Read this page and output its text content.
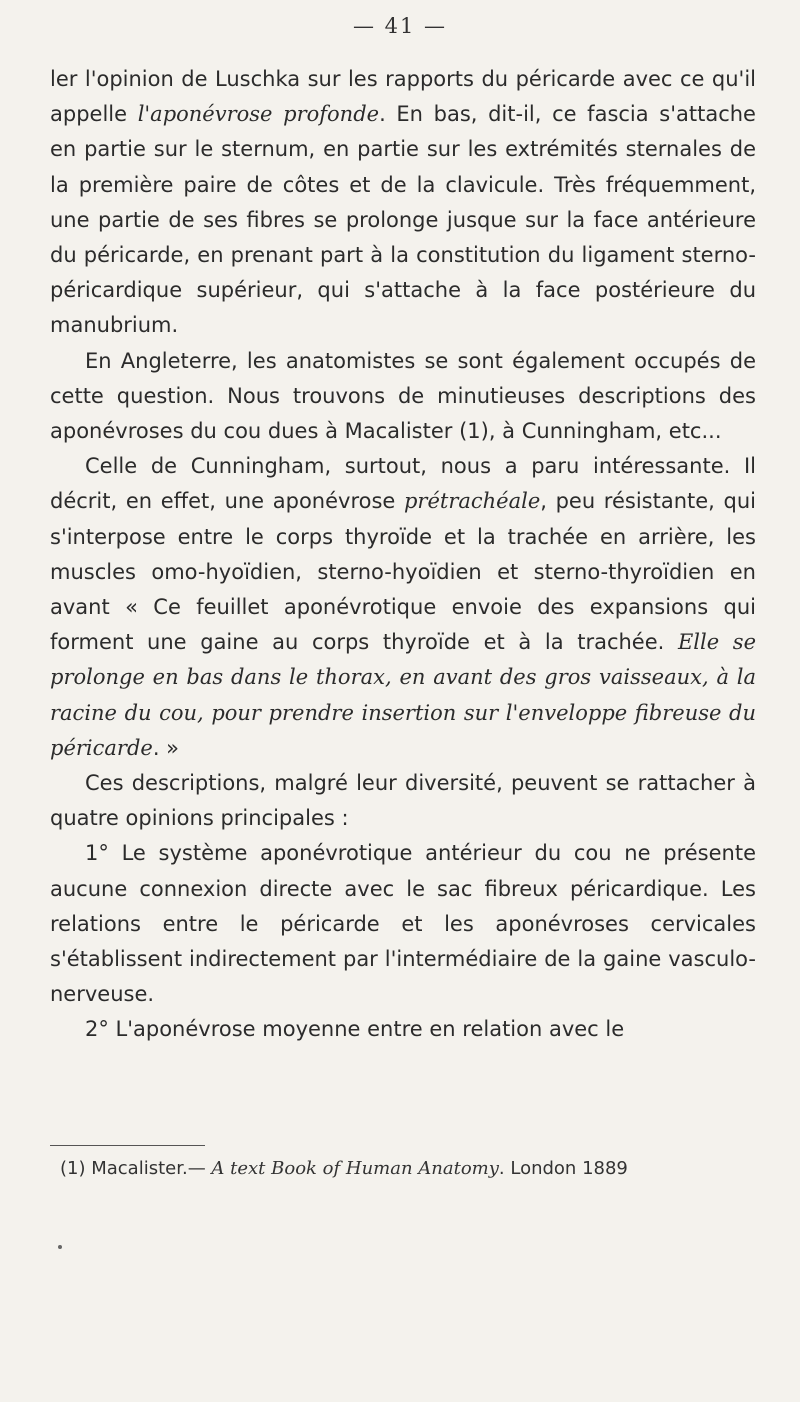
— 41 —

ler l'opinion de Luschka sur les rapports du péricarde avec ce qu'il appelle l'aponévrose profonde. En bas, dit-il, ce fascia s'attache en partie sur le sternum, en partie sur les extrémités sternales de la première paire de côtes et de la clavicule. Très fréquemment, une partie de ses fibres se prolonge jusque sur la face antérieure du péricarde, en prenant part à la constitution du ligament sterno-péricardique supérieur, qui s'attache à la face postérieure du manubrium.

En Angleterre, les anatomistes se sont également occupés de cette question. Nous trouvons de minutieuses descriptions des aponévroses du cou dues à Macalister (1), à Cunningham, etc...

Celle de Cunningham, surtout, nous a paru intéressante. Il décrit, en effet, une aponévrose prétrachéale, peu résistante, qui s'interpose entre le corps thyroïde et la trachée en arrière, les muscles omo-hyoïdien, sterno-hyoïdien et sterno-thyroïdien en avant « Ce feuillet aponévrotique envoie des expansions qui forment une gaine au corps thyroïde et à la trachée. Elle se prolonge en bas dans le thorax, en avant des gros vaisseaux, à la racine du cou, pour prendre insertion sur l'enveloppe fibreuse du péricarde. »

Ces descriptions, malgré leur diversité, peuvent se rattacher à quatre opinions principales :

1° Le système aponévrotique antérieur du cou ne présente aucune connexion directe avec le sac fibreux péricardique. Les relations entre le péricarde et les aponévroses cervicales s'établissent indirectement par l'intermédiaire de la gaine vasculo-nerveuse.

2° L'aponévrose moyenne entre en relation avec le

(1) Macalister.— A text Book of Human Anatomy. London 1889
